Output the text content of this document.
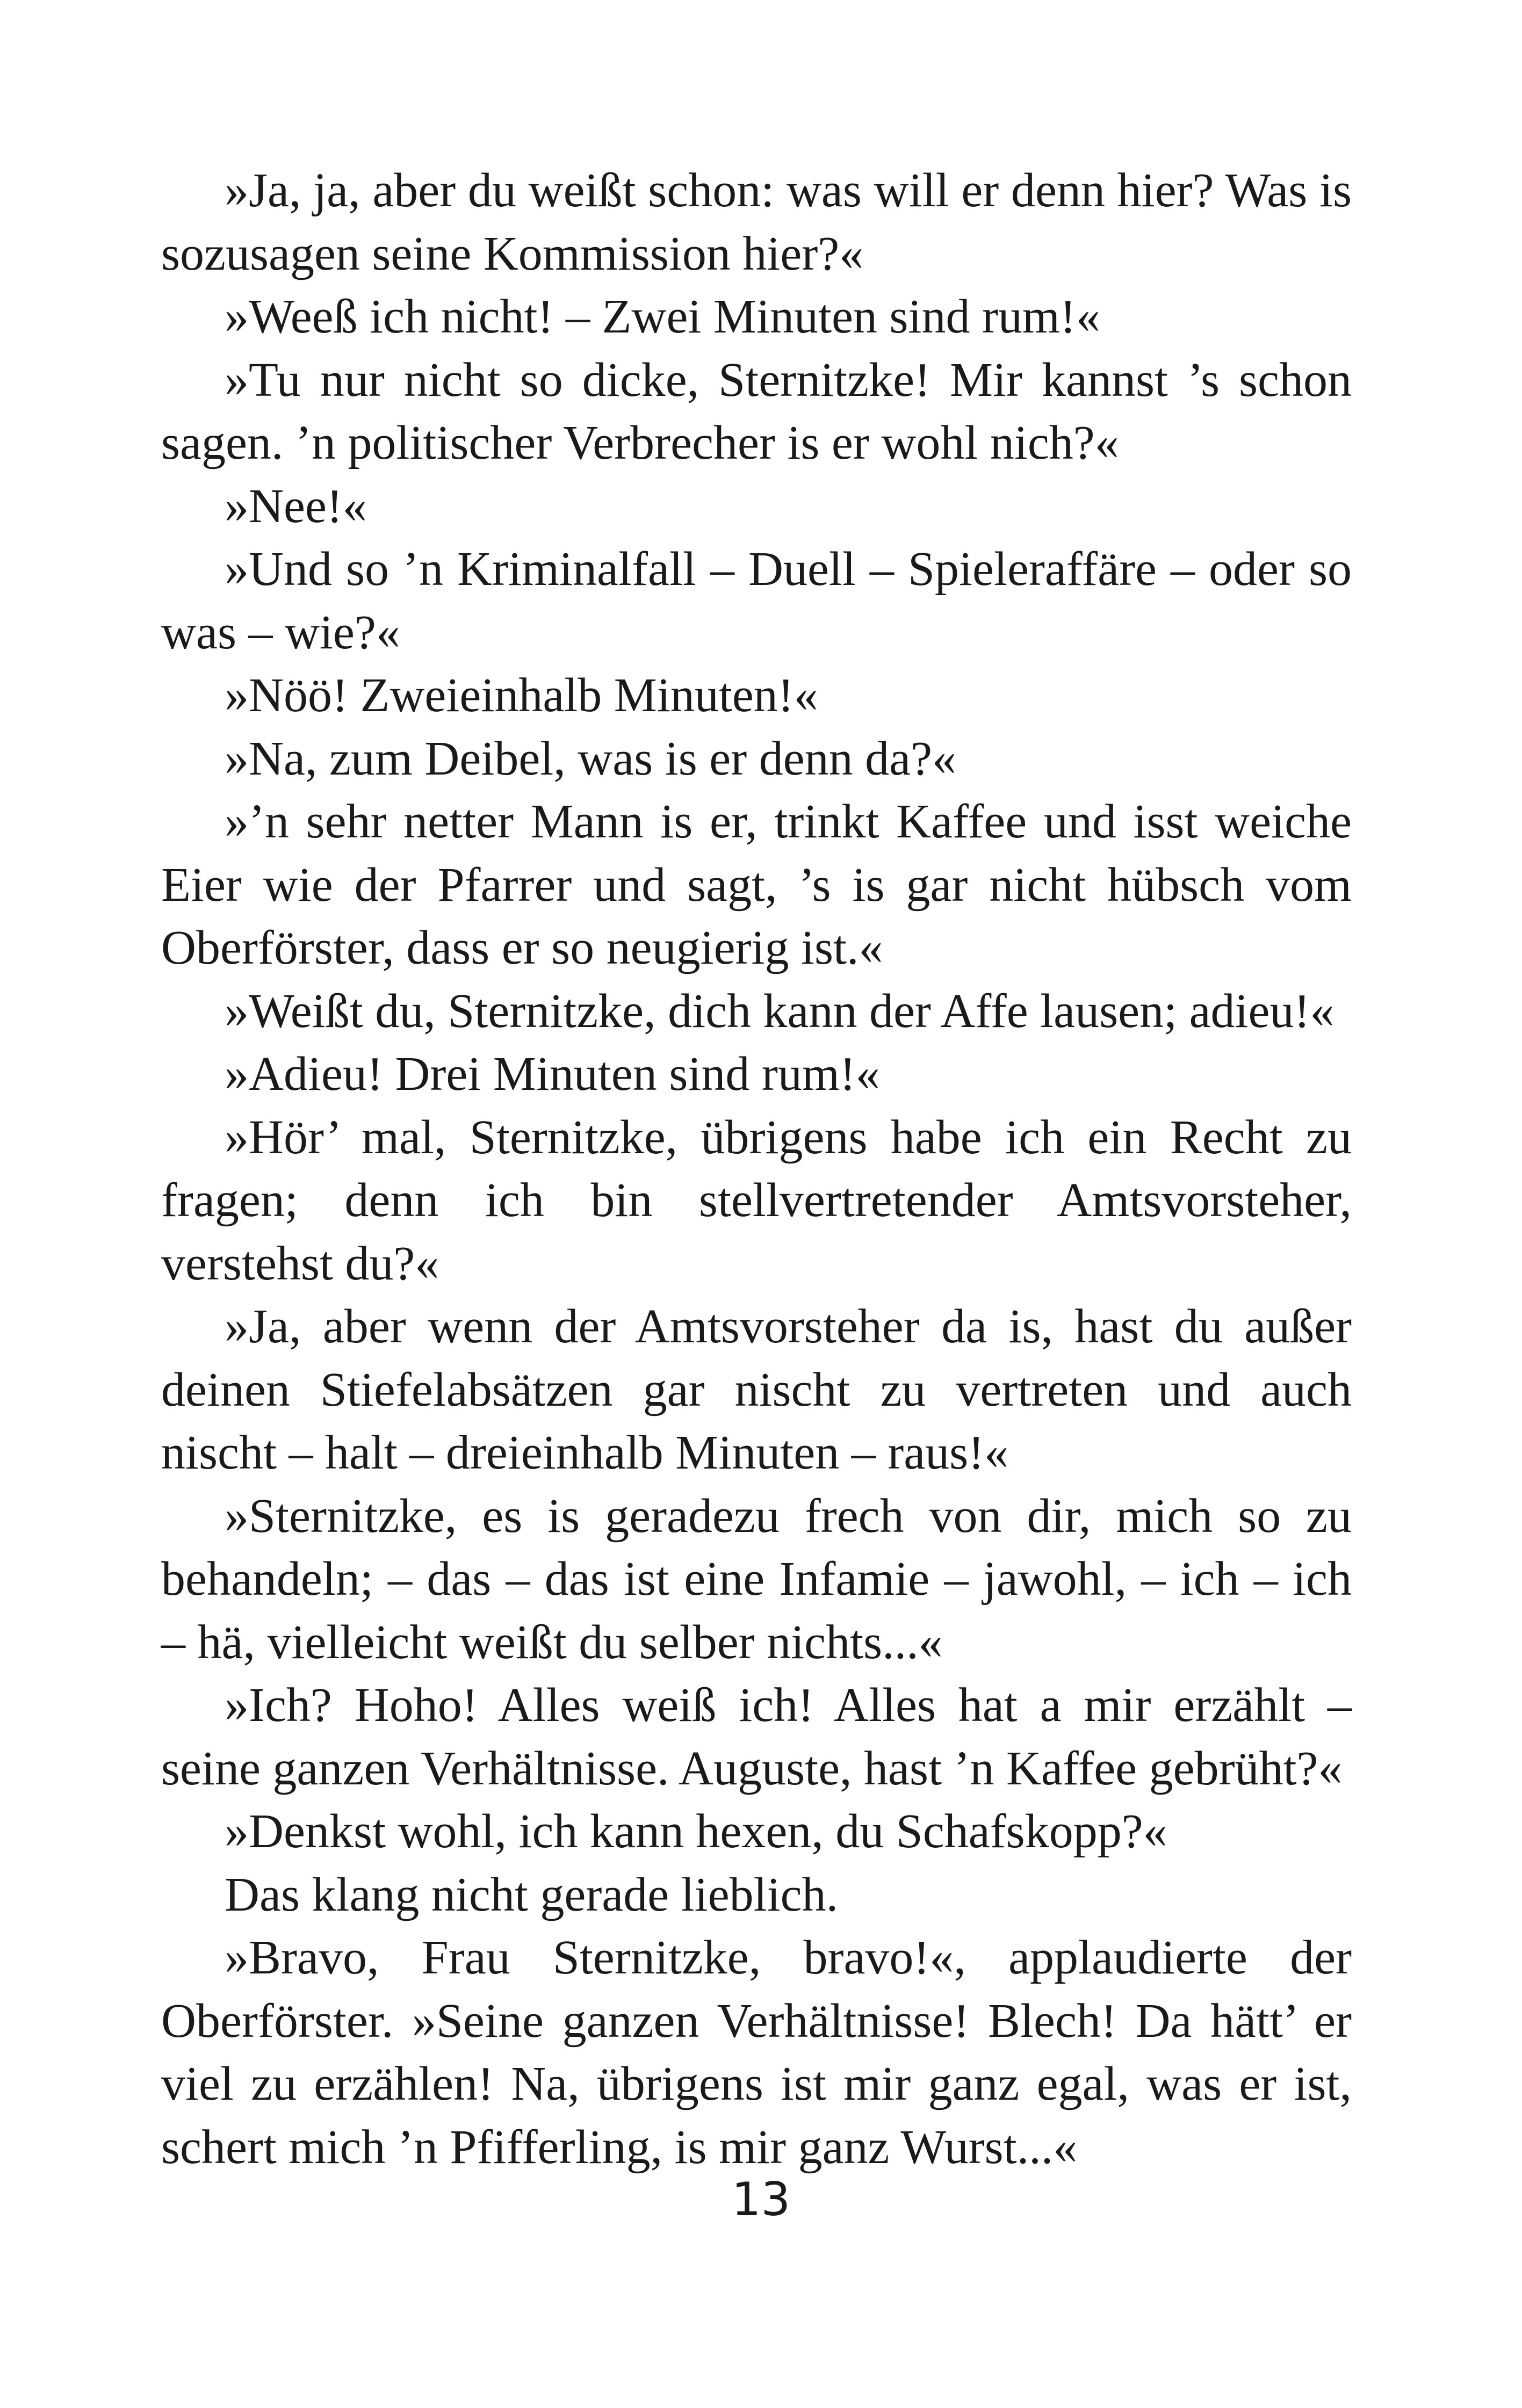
»Ja, ja, aber du weißt schon: was will er denn hier? Was is sozusagen seine Kommission hier?«

»Weeß ich nicht! – Zwei Minuten sind rum!«

»Tu nur nicht so dicke, Sternitzke! Mir kannst ’s schon sagen. ’n politischer Verbrecher is er wohl nich?«

»Nee!«

»Und so ’n Kriminalfall – Duell – Spieleraffäre – oder so was – wie?«

»Nöö! Zweieinhalb Minuten!«

»Na, zum Deibel, was is er denn da?«

»’n sehr netter Mann is er, trinkt Kaffee und isst weiche Eier wie der Pfarrer und sagt, ’s is gar nicht hübsch vom Oberförster, dass er so neugierig ist.«

»Weißt du, Sternitzke, dich kann der Affe lausen; adieu!«

»Adieu! Drei Minuten sind rum!«

»Hör’ mal, Sternitzke, übrigens habe ich ein Recht zu fragen; denn ich bin stellvertretender Amtsvorsteher, verstehst du?«

»Ja, aber wenn der Amtsvorsteher da is, hast du außer deinen Stiefelabsätzen gar nischt zu vertreten und auch nischt – halt – dreieinhalb Minuten – raus!«

»Sternitzke, es is geradezu frech von dir, mich so zu behandeln; – das – das ist eine Infamie – jawohl, – ich – ich – hä, vielleicht weißt du selber nichts...«

»Ich? Hoho! Alles weiß ich! Alles hat a mir erzählt – seine ganzen Verhältnisse. Auguste, hast ’n Kaffee gebrüht?«

»Denkst wohl, ich kann hexen, du Schafskopp?«

Das klang nicht gerade lieblich.

»Bravo, Frau Sternitzke, bravo!«, applaudierte der Oberförster. »Seine ganzen Verhältnisse! Blech! Da hätt’ er viel zu erzählen! Na, übrigens ist mir ganz egal, was er ist, schert mich ’n Pfifferling, is mir ganz Wurst...«

13
